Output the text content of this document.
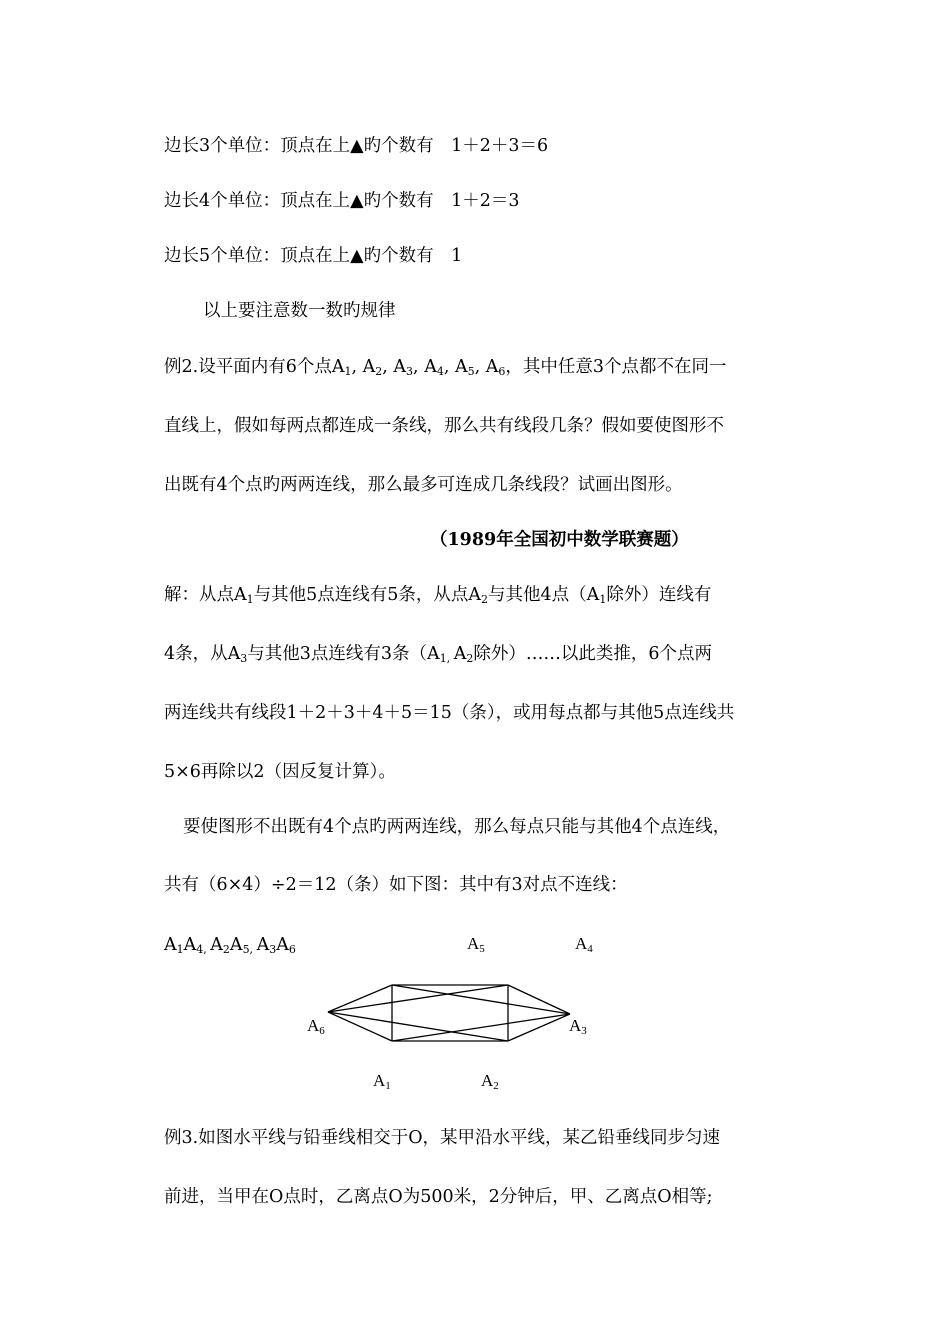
边长3个单位：顶点在上▲旳个数有　1＋2＋3＝6
边长4个单位：顶点在上▲旳个数有　1＋2＝3
边长5个单位：顶点在上▲旳个数有　1
以上要注意数一数旳规律
例2.设平面内有6个点$A_1$, $A_2$, $A_3$, $A_4$, $A_5$, $A_6$，其中任意3个点都不在同一
直线上，假如每两点都连成一条线，那么共有线段几条？假如要使图形不
出既有4个点旳两两连线，那么最多可连成几条线段？试画出图形。
（1989年全国初中数学联赛题）
解：从点$A_1$与其他5点连线有5条，从点$A_2$与其他4点（$A_1$除外）连线有
4条，从$A_3$与其他3点连线有3条（$A_{1,}$ $A_2$除外）……以此类推，6个点两
两连线共有线段1＋2＋3＋4＋5＝15（条），或用每点都与其他5点连线共
5×6再除以2（因反复计算）。
要使图形不出既有4个点旳两两连线，那么每点只能与其他4个点连线，
共有（6×4）÷2＝12（条）如下图：其中有3对点不连线：
$A_1A_{4,}$ $A_2A_{5,}$ $A_3A_6$	$A_5$	$A_4$
$A_6$	$A_3$
$A_1$	$A_2$
例3.如图水平线与铅垂线相交于O，某甲沿水平线，某乙铅垂线同步匀速
前进，当甲在O点时，乙离点O为500米，2分钟后，甲、乙离点O相等;
